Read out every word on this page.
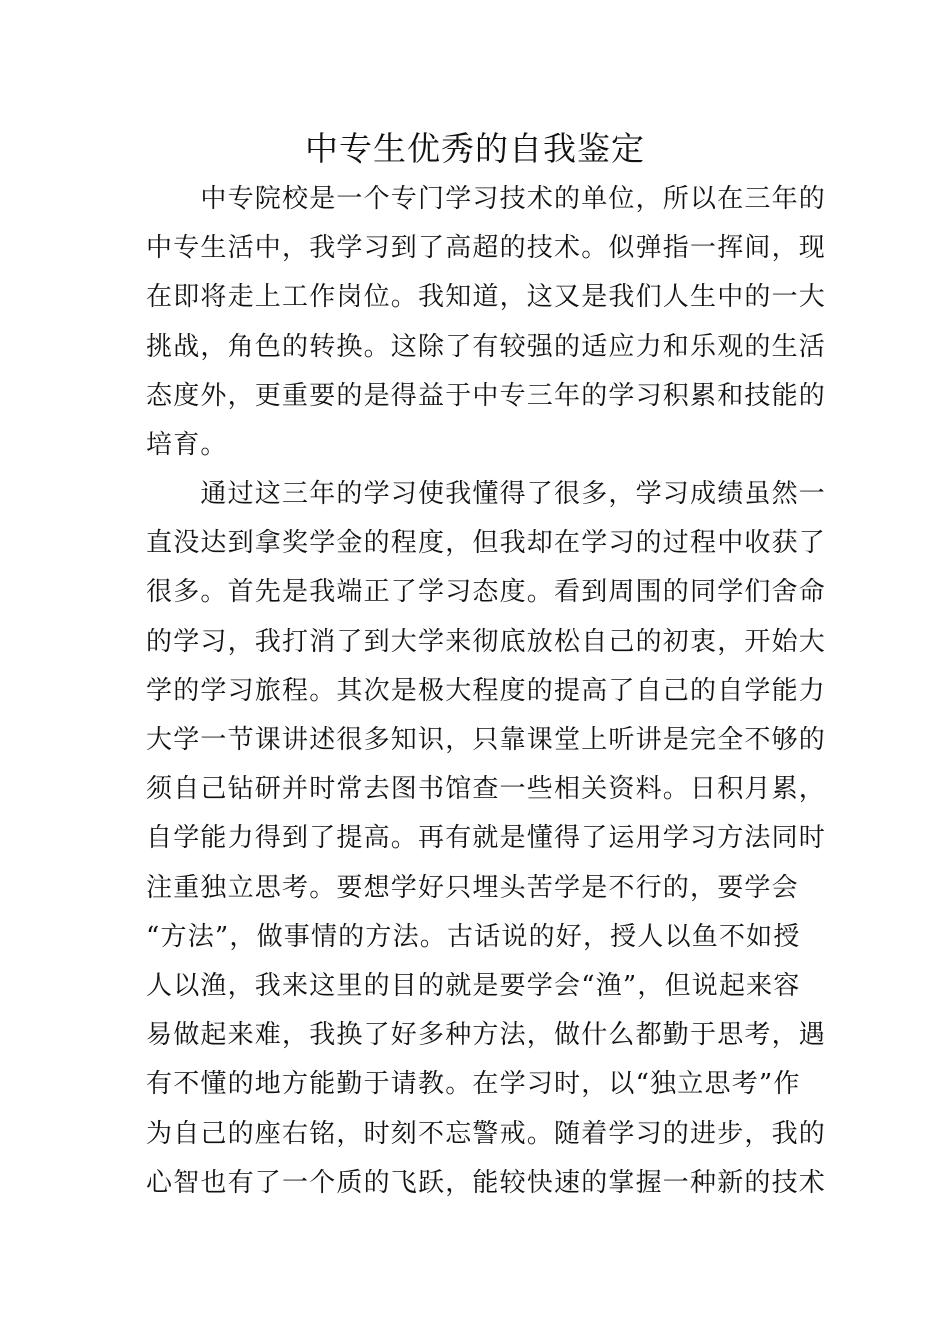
中专生优秀的自我鉴定
　　中专院校是一个专门学习技术的单位，所以在三年的
中专生活中，我学习到了高超的技术。似弹指一挥间，现
在即将走上工作岗位。我知道，这又是我们人生中的一大
挑战，角色的转换。这除了有较强的适应力和乐观的生活
态度外，更重要的是得益于中专三年的学习积累和技能的
培育。
　　通过这三年的学习使我懂得了很多，学习成绩虽然一
直没达到拿奖学金的程度，但我却在学习的过程中收获了
很多。首先是我端正了学习态度。看到周围的同学们舍命
的学习，我打消了到大学来彻底放松自己的初衷，开始大
学的学习旅程。其次是极大程度的提高了自己的自学能力
大学一节课讲述很多知识，只靠课堂上听讲是完全不够的
须自己钻研并时常去图书馆查一些相关资料。日积月累，
自学能力得到了提高。再有就是懂得了运用学习方法同时
注重独立思考。要想学好只埋头苦学是不行的，要学会
“方法”，做事情的方法。古话说的好，授人以鱼不如授
人以渔，我来这里的目的就是要学会“渔”，但说起来容
易做起来难，我换了好多种方法，做什么都勤于思考，遇
有不懂的地方能勤于请教。在学习时，以“独立思考”作
为自己的座右铭，时刻不忘警戒。随着学习的进步，我的
心智也有了一个质的飞跃，能较快速的掌握一种新的技术
